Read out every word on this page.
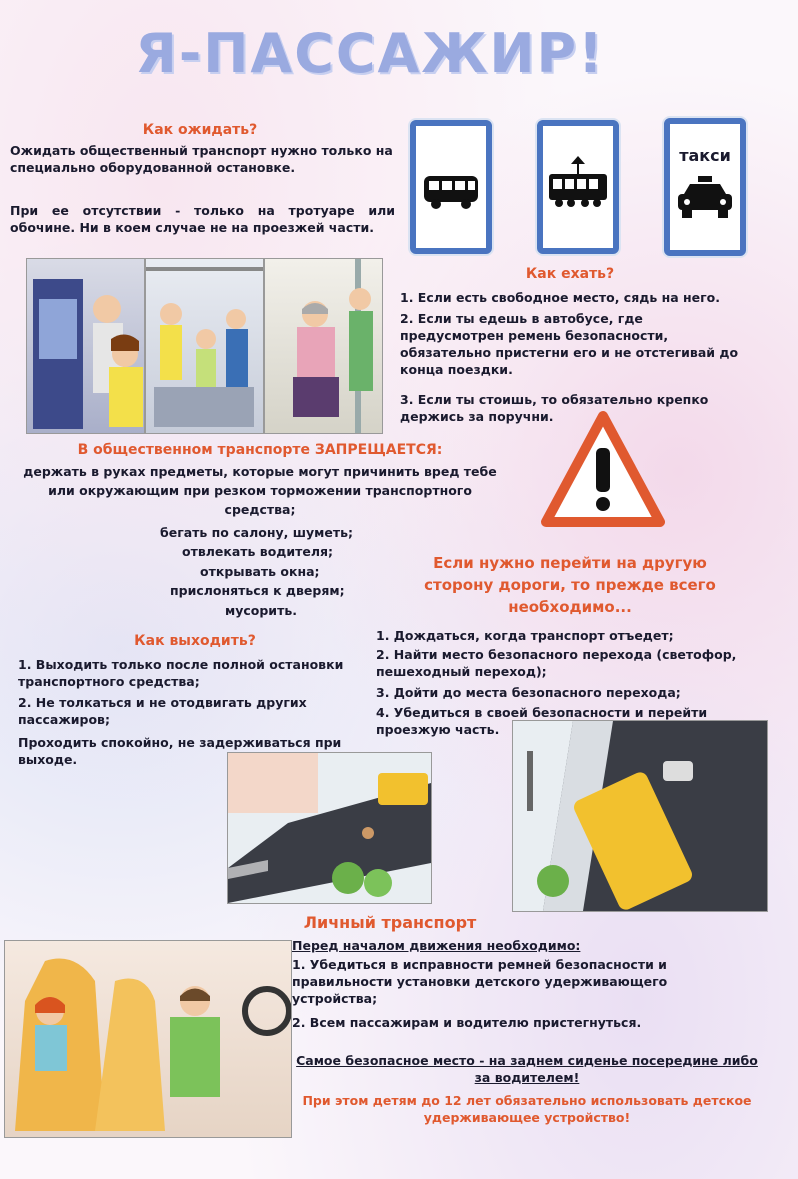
Я-ПАССАЖИР!
Как ожидать?
Ожидать общественный транспорт нужно только на специально оборудованной остановке.
При ее отсутствии - только на тротуаре или обочине. Ни в коем случае не на проезжей части.
такси
Как ехать?
1. Если есть свободное место, сядь на него.
2. Если ты едешь в автобусе, где предусмотрен ремень безопасности, обязательно пристегни его и не отстегивай до конца поездки.
3. Если ты стоишь, то обязательно крепко держись за поручни.
В общественном транспорте ЗАПРЕЩАЕТСЯ:
держать в руках предметы, которые могут причинить вред тебе
или окружающим при резком торможении транспортного
средства;
бегать по салону, шуметь;
отвлекать водителя;
открывать окна;
прислоняться к дверям;
мусорить.
Если нужно перейти на другую сторону дороги, то прежде всего необходимо...
1. Дождаться, когда транспорт отъедет;
2. Найти место безопасного перехода (светофор, пешеходный переход);
3. Дойти до места безопасного перехода;
4. Убедиться в своей безопасности и перейти проезжую часть.
Как выходить?
1. Выходить только после полной остановки транспортного средства;
2. Не толкаться и не отодвигать других пассажиров;
Проходить спокойно, не задерживаться при выходе.
Личный транспорт
Перед началом движения необходимо:
1. Убедиться в исправности ремней безопасности и правильности установки детского удерживающего устройства;
2. Всем пассажирам и водителю пристегнуться.
Самое безопасное место - на заднем сиденье посередине либо за водителем!
При этом детям до 12 лет обязательно использовать детское удерживающее устройство!
